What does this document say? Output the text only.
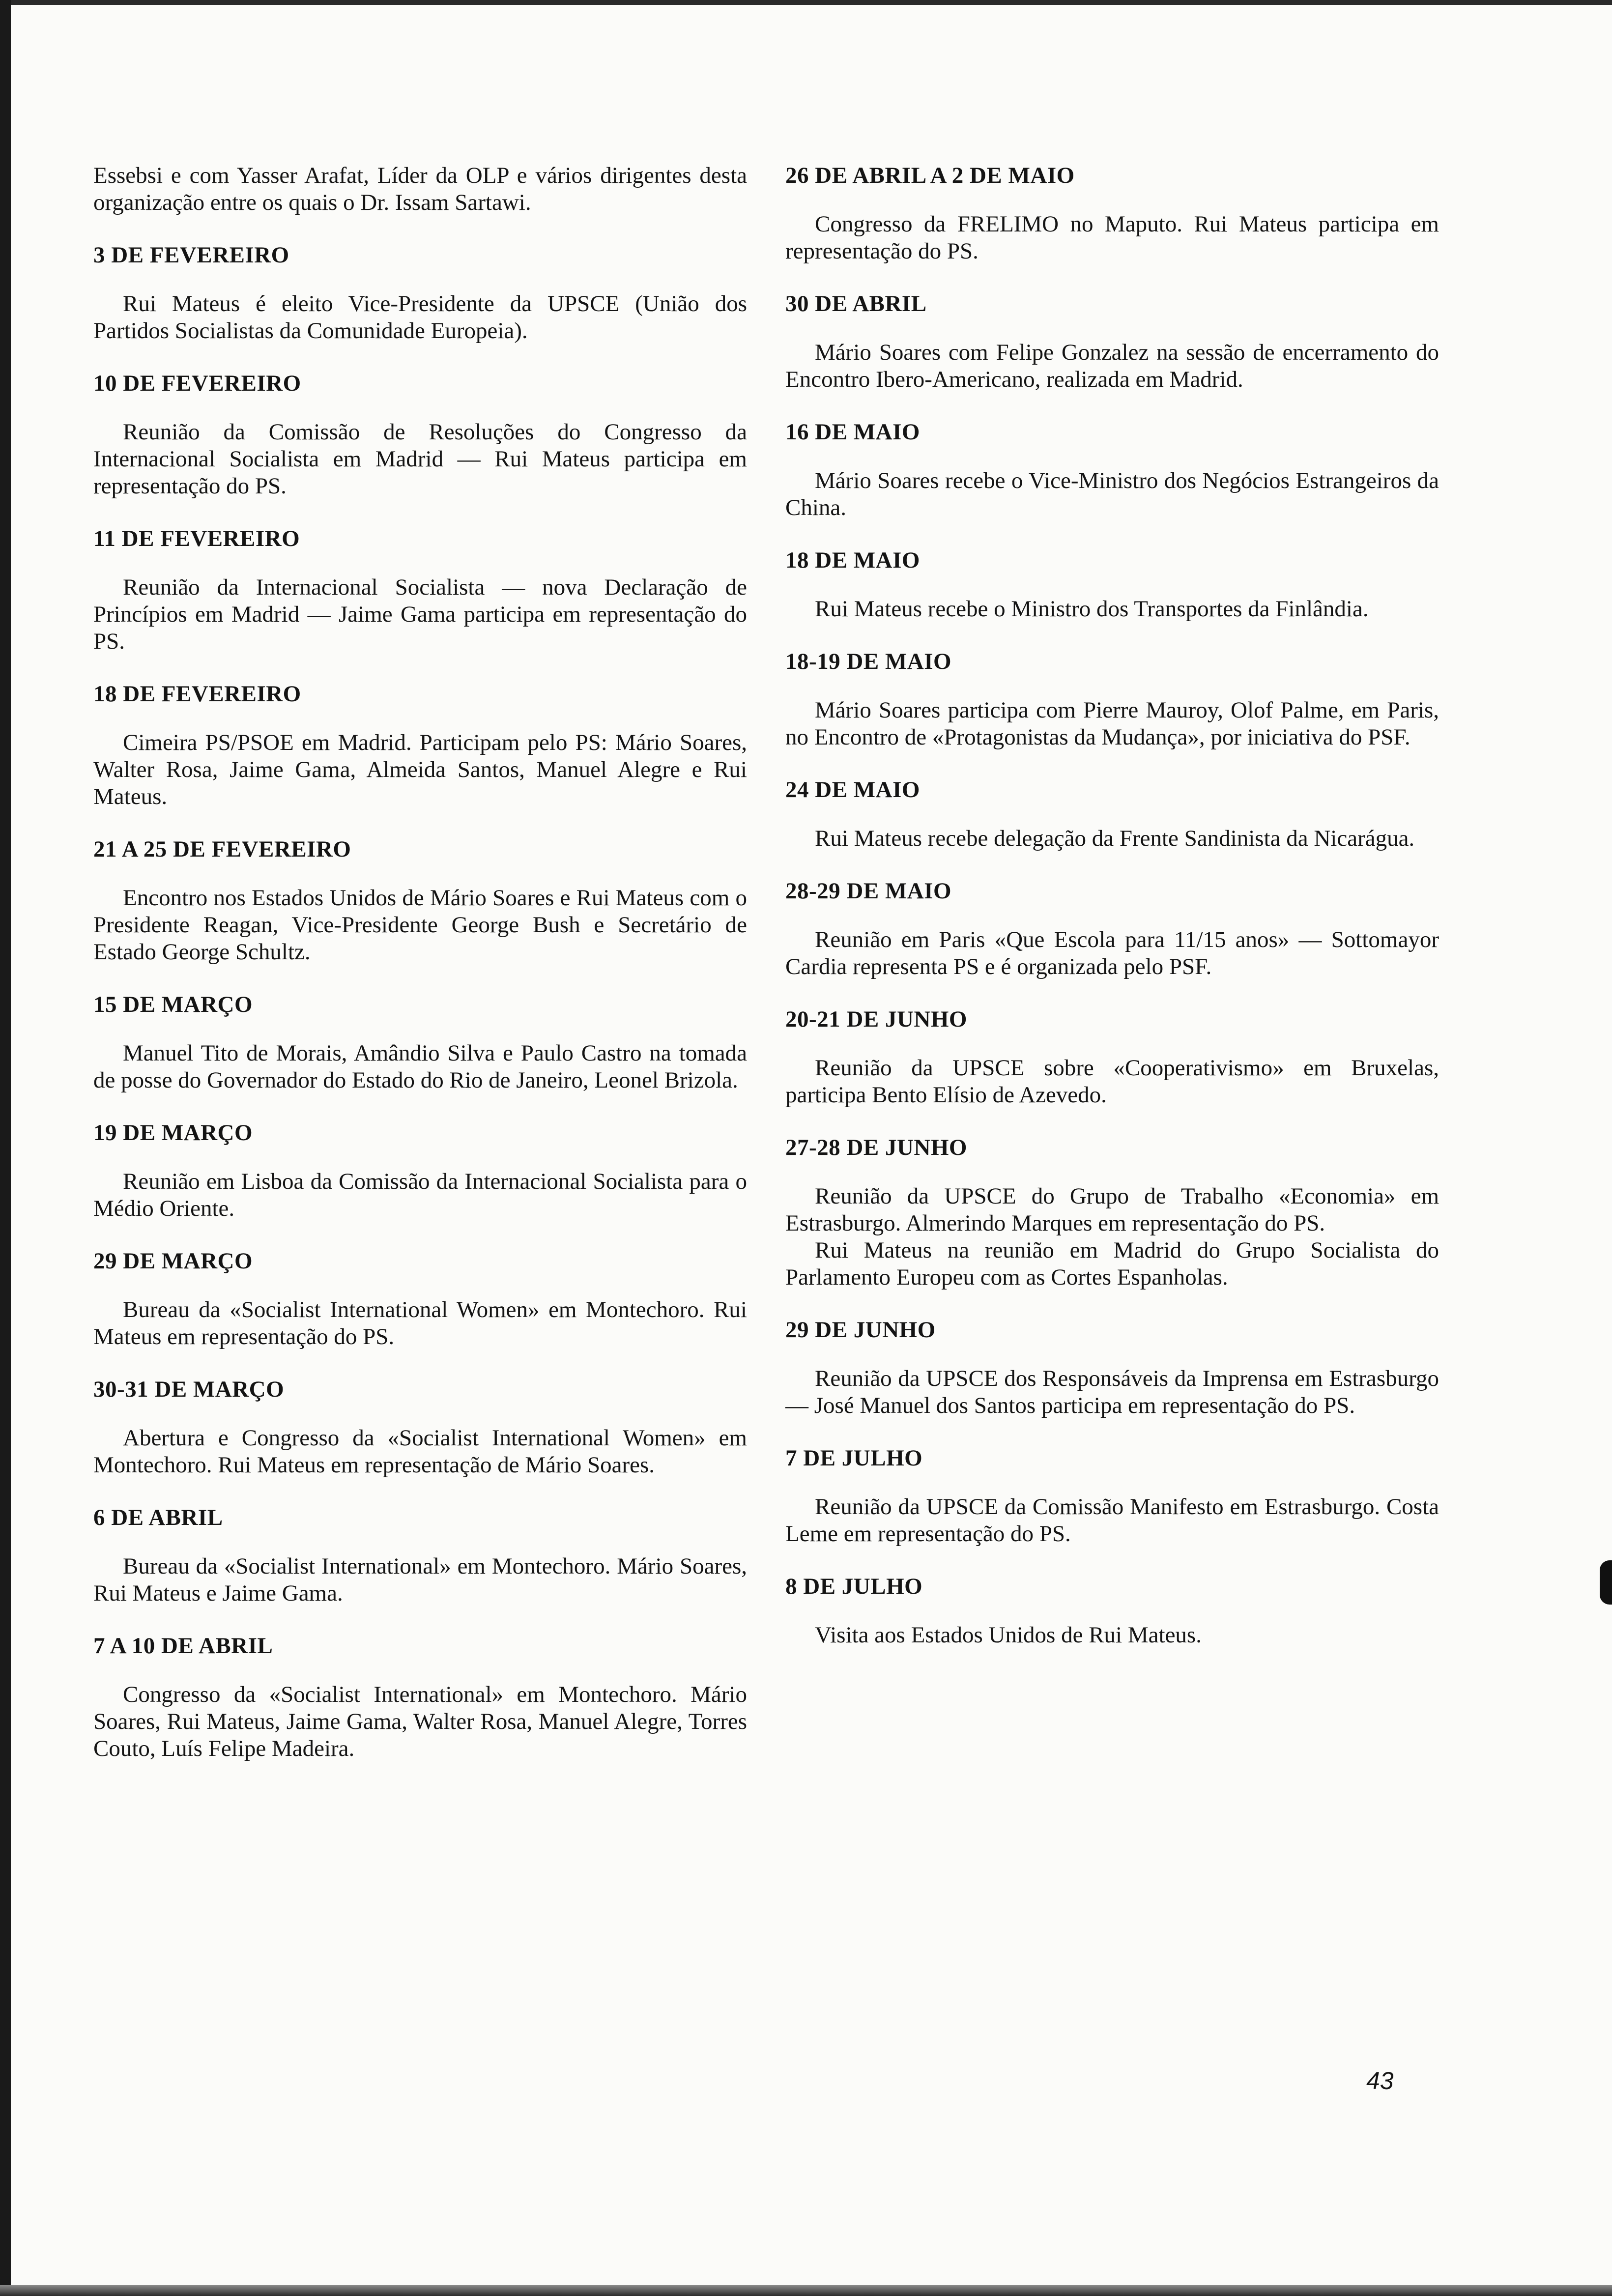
Essebsi e com Yasser Arafat, Líder da OLP e vários dirigentes desta organização entre os quais o Dr. Issam Sartawi.

3 DE FEVEREIRO

Rui Mateus é eleito Vice-Presidente da UPSCE (União dos Partidos Socialistas da Comunidade Europeia).

10 DE FEVEREIRO

Reunião da Comissão de Resoluções do Congresso da Internacional Socialista em Madrid — Rui Mateus participa em representação do PS.

11 DE FEVEREIRO

Reunião da Internacional Socialista — nova Declaração de Princípios em Madrid — Jaime Gama participa em representação do PS.

18 DE FEVEREIRO

Cimeira PS/PSOE em Madrid. Participam pelo PS: Mário Soares, Walter Rosa, Jaime Gama, Almeida Santos, Manuel Alegre e Rui Mateus.

21 A 25 DE FEVEREIRO

Encontro nos Estados Unidos de Mário Soares e Rui Mateus com o Presidente Reagan, Vice-Presidente George Bush e Secretário de Estado George Schultz.

15 DE MARÇO

Manuel Tito de Morais, Amândio Silva e Paulo Castro na tomada de posse do Governador do Estado do Rio de Janeiro, Leonel Brizola.

19 DE MARÇO

Reunião em Lisboa da Comissão da Internacional Socialista para o Médio Oriente.

29 DE MARÇO

Bureau da «Socialist International Women» em Montechoro. Rui Mateus em representação do PS.

30-31 DE MARÇO

Abertura e Congresso da «Socialist International Women» em Montechoro. Rui Mateus em representação de Mário Soares.

6 DE ABRIL

Bureau da «Socialist International» em Montechoro. Mário Soares, Rui Mateus e Jaime Gama.

7 A 10 DE ABRIL

Congresso da «Socialist International» em Montechoro. Mário Soares, Rui Mateus, Jaime Gama, Walter Rosa, Manuel Alegre, Torres Couto, Luís Felipe Madeira.

26 DE ABRIL A 2 DE MAIO

Congresso da FRELIMO no Maputo. Rui Mateus participa em representação do PS.

30 DE ABRIL

Mário Soares com Felipe Gonzalez na sessão de encerramento do Encontro Ibero-Americano, realizada em Madrid.

16 DE MAIO

Mário Soares recebe o Vice-Ministro dos Negócios Estrangeiros da China.

18 DE MAIO

Rui Mateus recebe o Ministro dos Transportes da Finlândia.

18-19 DE MAIO

Mário Soares participa com Pierre Mauroy, Olof Palme, em Paris, no Encontro de «Protagonistas da Mudança», por iniciativa do PSF.

24 DE MAIO

Rui Mateus recebe delegação da Frente Sandinista da Nicarágua.

28-29 DE MAIO

Reunião em Paris «Que Escola para 11/15 anos» — Sottomayor Cardia representa PS e é organizada pelo PSF.

20-21 DE JUNHO

Reunião da UPSCE sobre «Cooperativismo» em Bruxelas, participa Bento Elísio de Azevedo.

27-28 DE JUNHO

Reunião da UPSCE do Grupo de Trabalho «Economia» em Estrasburgo. Almerindo Marques em representação do PS.

Rui Mateus na reunião em Madrid do Grupo Socialista do Parlamento Europeu com as Cortes Espanholas.

29 DE JUNHO

Reunião da UPSCE dos Responsáveis da Imprensa em Estrasburgo — José Manuel dos Santos participa em representação do PS.

7 DE JULHO

Reunião da UPSCE da Comissão Manifesto em Estrasburgo. Costa Leme em representação do PS.

8 DE JULHO

Visita aos Estados Unidos de Rui Mateus.

43
